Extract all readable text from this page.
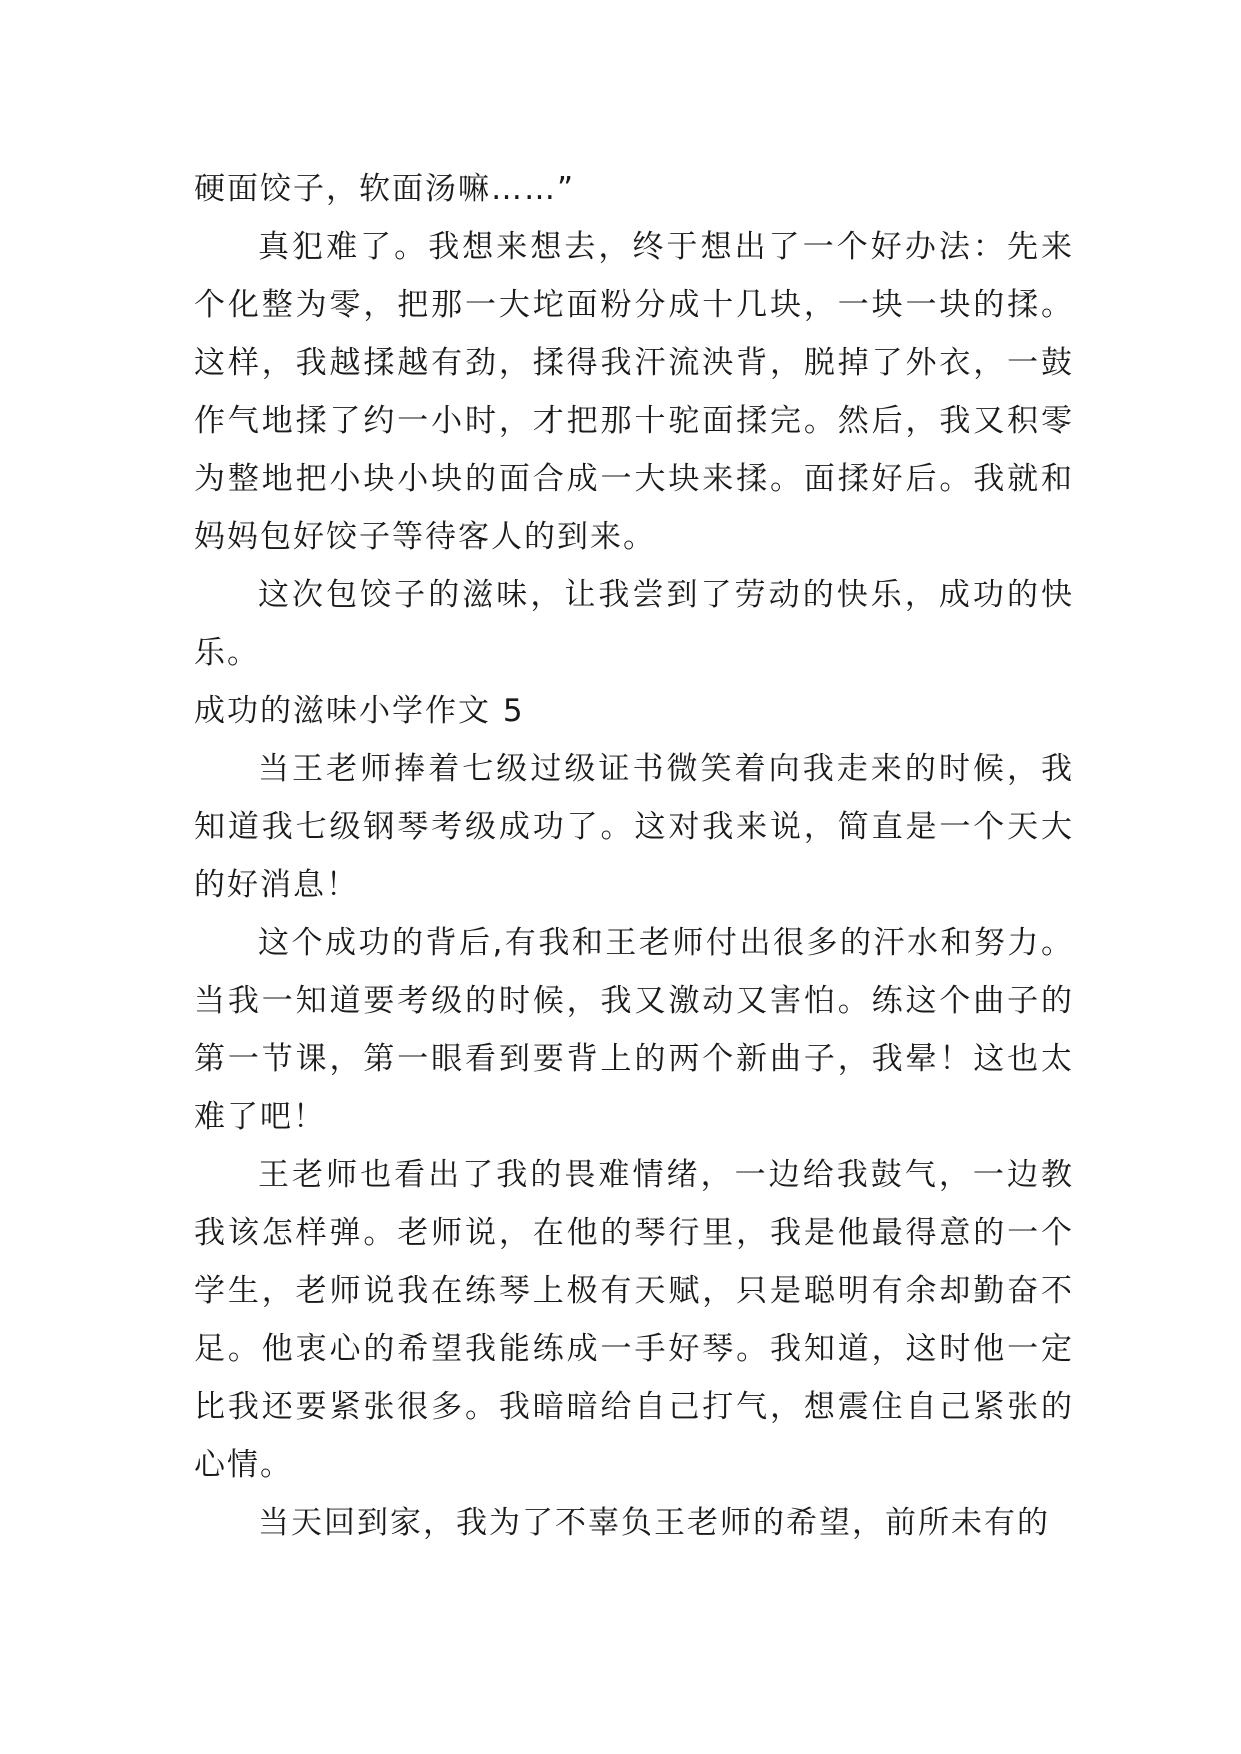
硬面饺子，软面汤嘛……”

真犯难了。我想来想去，终于想出了一个好办法：先来个化整为零，把那一大坨面粉分成十几块，一块一块的揉。这样，我越揉越有劲，揉得我汗流泱背，脱掉了外衣，一鼓作气地揉了约一小时，才把那十驼面揉完。然后，我又积零为整地把小块小块的面合成一大块来揉。面揉好后。我就和妈妈包好饺子等待客人的到来。

这次包饺子的滋味，让我尝到了劳动的快乐，成功的快乐。

成功的滋味小学作文 5

当王老师捧着七级过级证书微笑着向我走来的时候，我知道我七级钢琴考级成功了。这对我来说，简直是一个天大的好消息！

这个成功的背后,有我和王老师付出很多的汗水和努力。当我一知道要考级的时候，我又激动又害怕。练这个曲子的第一节课，第一眼看到要背上的两个新曲子，我晕！这也太难了吧！

王老师也看出了我的畏难情绪，一边给我鼓气，一边教我该怎样弹。老师说，在他的琴行里，我是他最得意的一个学生，老师说我在练琴上极有天赋，只是聪明有余却勤奋不足。他衷心的希望我能练成一手好琴。我知道，这时他一定比我还要紧张很多。我暗暗给自己打气，想震住自己紧张的心情。

当天回到家，我为了不辜负王老师的希望，前所未有的
